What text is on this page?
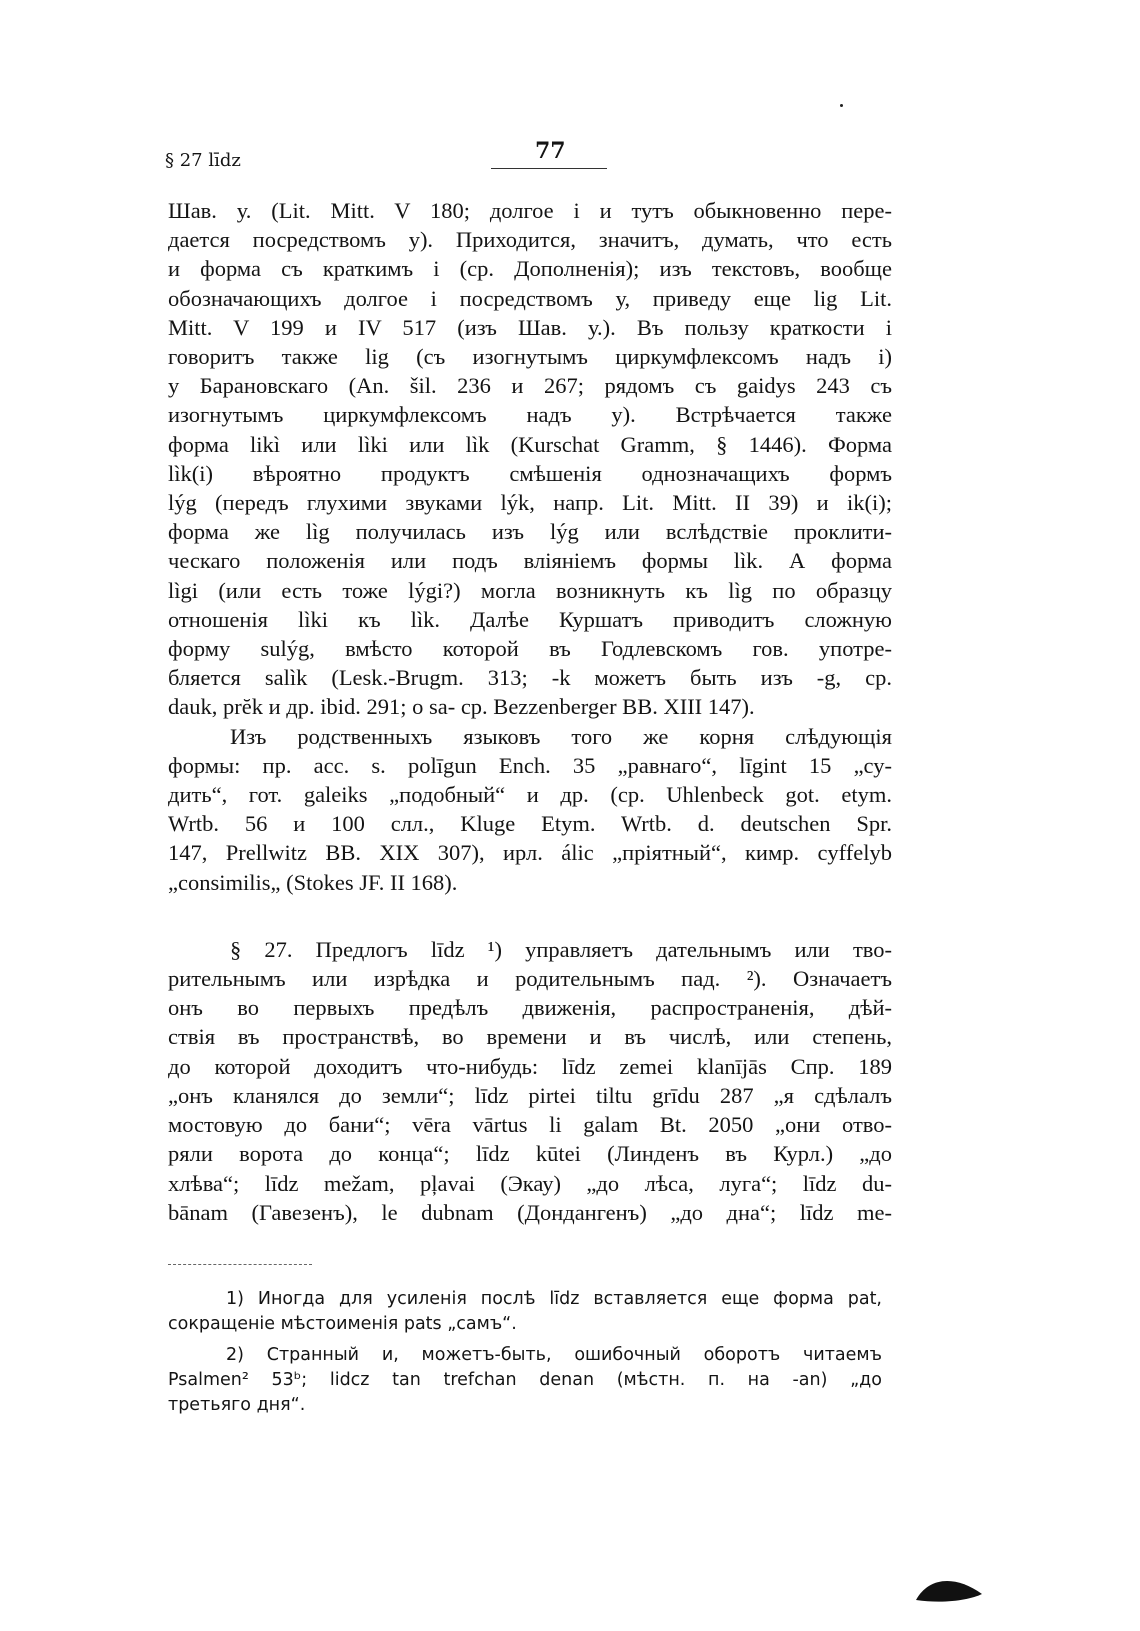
§ 27 līdz	77

Шав. у. (Lit. Mitt. V 180; долгое i и тутъ обыкновенно пере-
дается посредствомъ у). Приходится, значитъ, думать, что есть
и форма съ краткимъ i (ср. Дополненія); изъ текстовъ, вообще
обозначающихъ долгое i посредствомъ у, приведу еще lig Lit.
Mitt. V 199 и IV 517 (изъ Шав. у.). Въ пользу краткости i
говоритъ также lig (съ изогнутымъ циркумфлексомъ надъ i)
у Барановскаго (An. šil. 236 и 267; рядомъ съ gaidys 243 съ
изогнутымъ циркумфлексомъ надъ у). Встрѣчается также
форма likì или lìki или lìk (Kurschat Gramm, § 1446). Форма
lìk(i) вѣроятно продуктъ смѣшенія однозначащихъ формъ
lýg (передъ глухими звуками lýk, напр. Lit. Mitt. II 39) и ik(i);
форма же lìg получилась изъ lýg или вслѣдствіе проклити-
ческаго положенія или подъ вліяніемъ формы lìk. А форма
lìgi (или есть тоже lýgi?) могла возникнуть къ lìg по образцу
отношенія lìki къ lìk. Далѣе Куршатъ приводитъ сложную
форму sulýg, вмѣсто которой въ Годлевскомъ гов. употре-
бляется salìk (Lesk.-Brugm. 313; -k можетъ быть изъ -g, ср.
dauk, prĕk и др. ibid. 291; o sa- ср. Bezzenberger BB. XIII 147).

Изъ родственныхъ языковъ того же корня слѣдующія
формы: пр. acc. s. polīgun Ench. 35 „равнаго“, līgint 15 „су-
дить“, гот. galeiks „подобный“ и др. (ср. Uhlenbeck got. etym.
Wrtb. 56 и 100 слл., Kluge Etym. Wrtb. d. deutschen Spr.
147, Prellwitz BB. XIX 307), ирл. álic „пріятный“, кимр. cyffelyb
„consimilis„ (Stokes JF. II 168).

§ 27. Предлогъ līdz ¹) управляетъ дательнымъ или тво-
рительнымъ или изрѣдка и родительнымъ пад. ²). Означаетъ
онъ во первыхъ предѣлъ движенія, распространенія, дѣй-
ствія въ пространствѣ, во времени и въ числѣ, или степень,
до которой доходитъ что-нибудь: līdz zemei klanījās Спр. 189
„онъ кланялся до земли“; līdz pirtei tiltu grīdu 287 „я сдѣлалъ
мостовую до бани“; vēra vārtus li galam Bt. 2050 „они отво-
ряли ворота до конца“; līdz kūtei (Линденъ въ Курл.) „до
хлѣва“; līdz mežam, pļavai (Экау) „до лѣса, луга“; līdz du-
bānam (Гавезенъ), le dubnam (Дондангенъ) „до дна“; līdz me-

1) Иногда для усиленія послѣ līdz вставляется еще форма pat,
сокращеніе мѣстоименія pats „самъ“.
2) Странный и, можетъ-быть, ошибочный оборотъ читаемъ
Psalmen² 53ᵇ; lidcz tan trefchan denan (мѣстн. п. на -an) „до
третьяго дня“.
